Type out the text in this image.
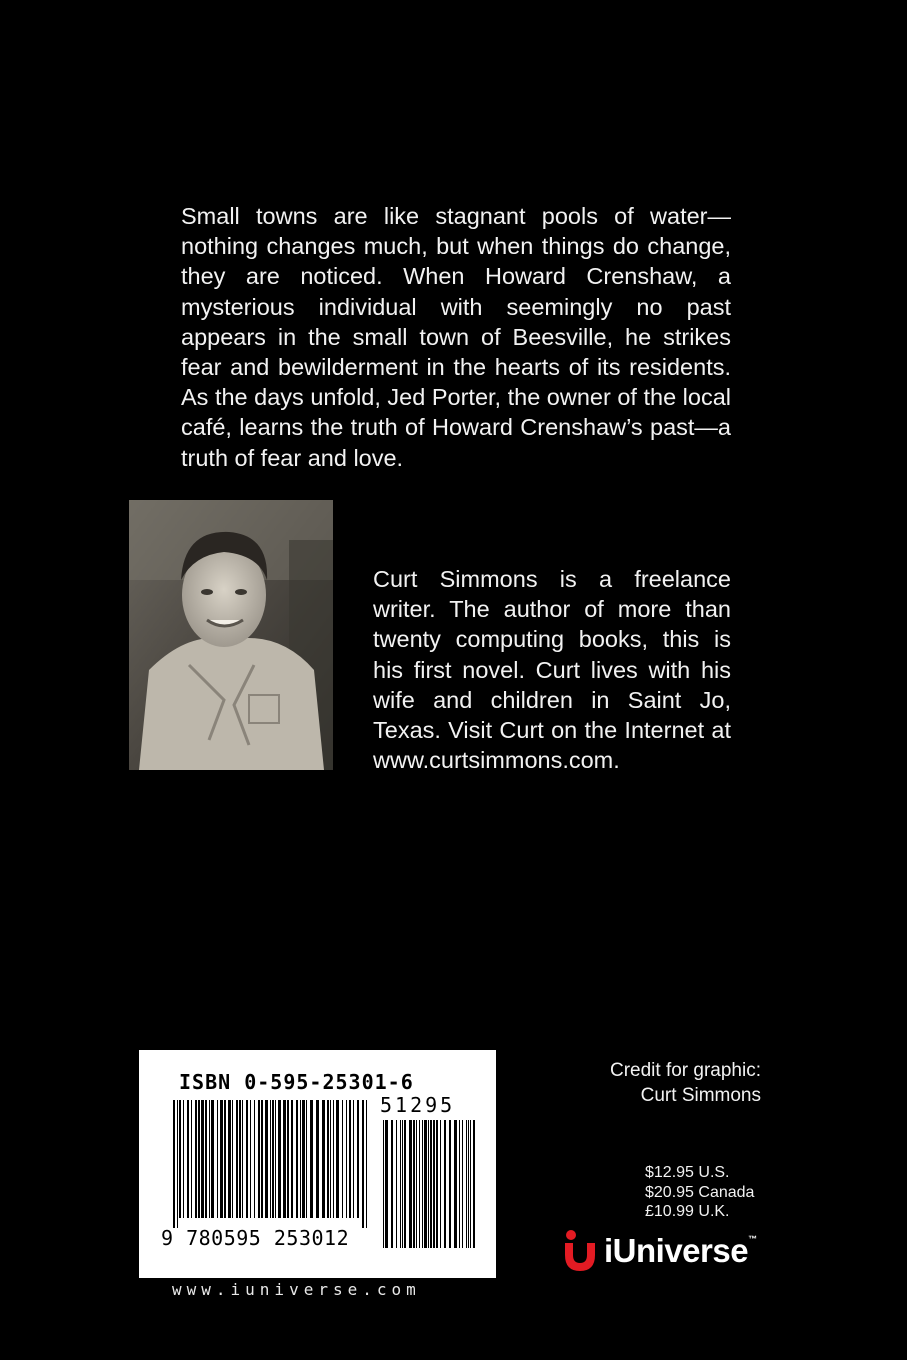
Small towns are like stagnant pools of water—nothing changes much, but when things do change, they are noticed. When Howard Crenshaw, a mysterious individual with seemingly no past appears in the small town of Beesville, he strikes fear and bewilderment in the hearts of its residents. As the days unfold, Jed Porter, the owner of the local café, learns the truth of Howard Crenshaw’s past—a truth of fear and love.
Curt Simmons is a freelance writer. The author of more than twenty computing books, this is his first novel. Curt lives with his wife and children in Saint Jo, Texas. Visit Curt on the Internet at www.curtsimmons.com.
ISBN 0-595-25301-6
51295
9 780595 253012
www.iuniverse.com
Credit for graphic:
Curt Simmons
$12.95 U.S.
$20.95 Canada
£10.99 U.K.
iUniverse™
